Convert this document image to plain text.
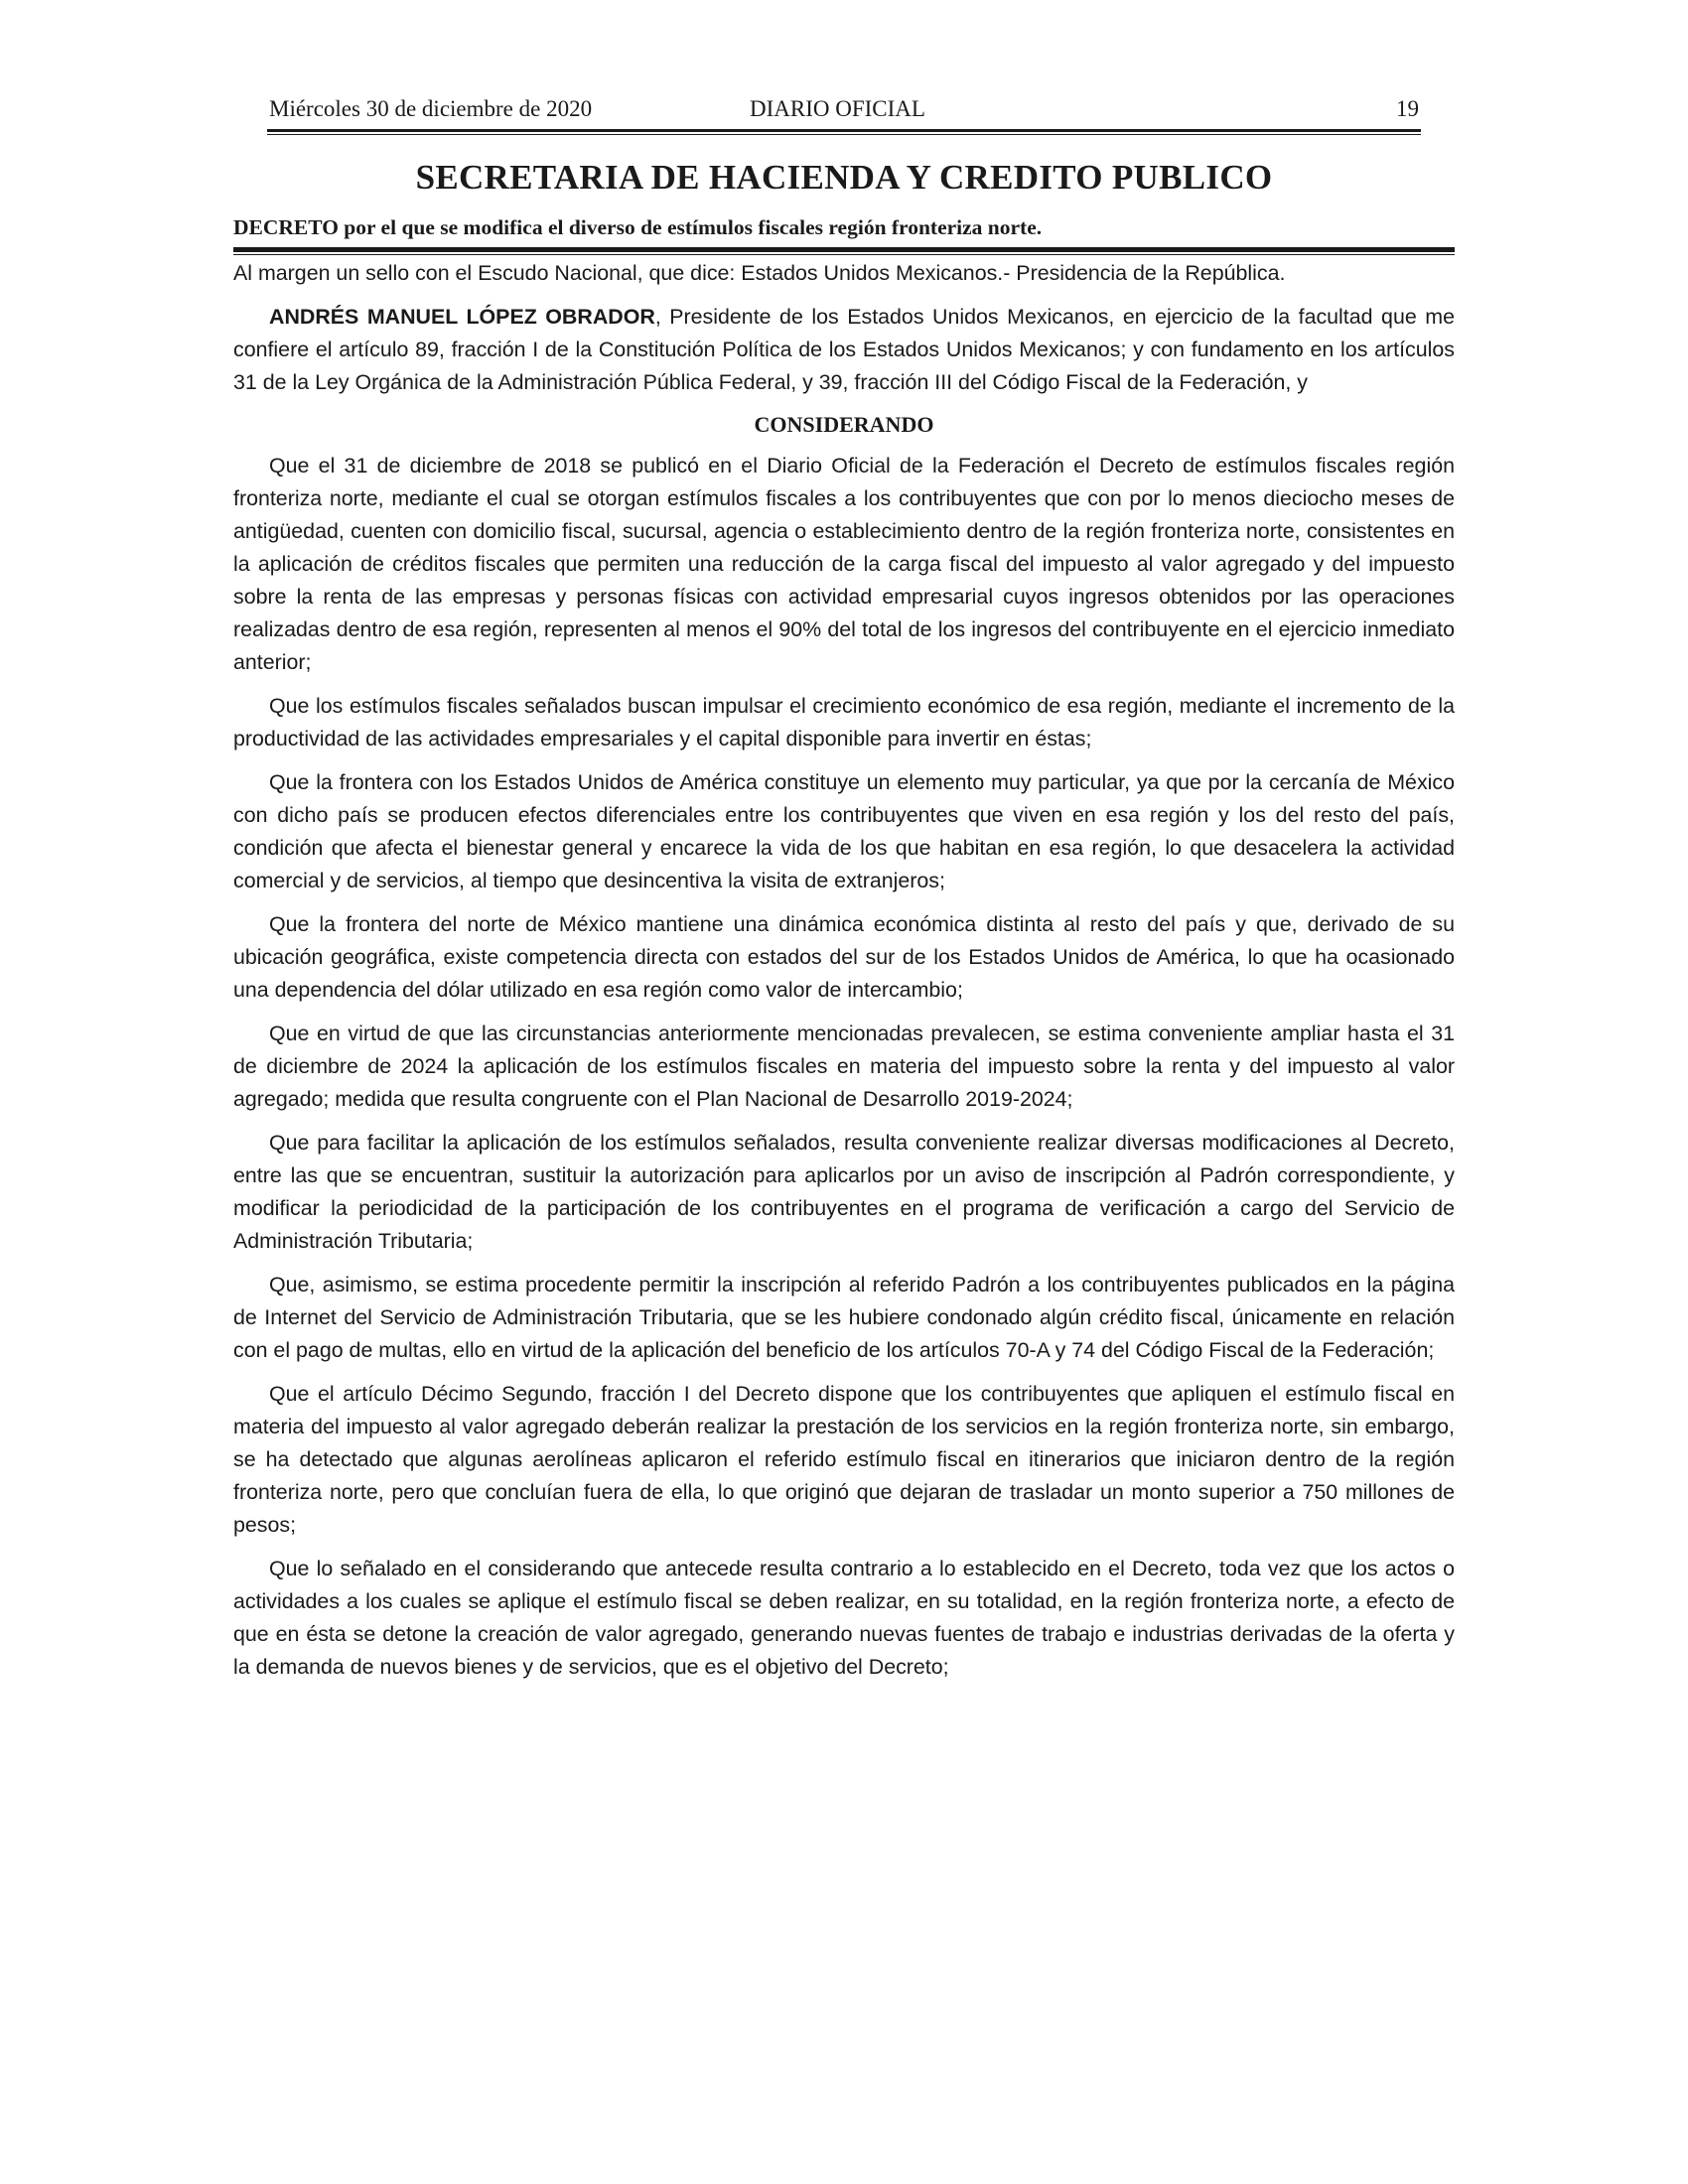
Miércoles 30 de diciembre de 2020	DIARIO OFICIAL	19
SECRETARIA DE HACIENDA Y CREDITO PUBLICO
DECRETO por el que se modifica el diverso de estímulos fiscales región fronteriza norte.

Al margen un sello con el Escudo Nacional, que dice: Estados Unidos Mexicanos.- Presidencia de la República.

ANDRÉS MANUEL LÓPEZ OBRADOR, Presidente de los Estados Unidos Mexicanos, en ejercicio de la facultad que me confiere el artículo 89, fracción I de la Constitución Política de los Estados Unidos Mexicanos; y con fundamento en los artículos 31 de la Ley Orgánica de la Administración Pública Federal, y 39, fracción III del Código Fiscal de la Federación, y

CONSIDERANDO

Que el 31 de diciembre de 2018 se publicó en el Diario Oficial de la Federación el Decreto de estímulos fiscales región fronteriza norte, mediante el cual se otorgan estímulos fiscales a los contribuyentes que con por lo menos dieciocho meses de antigüedad, cuenten con domicilio fiscal, sucursal, agencia o establecimiento dentro de la región fronteriza norte, consistentes en la aplicación de créditos fiscales que permiten una reducción de la carga fiscal del impuesto al valor agregado y del impuesto sobre la renta de las empresas y personas físicas con actividad empresarial cuyos ingresos obtenidos por las operaciones realizadas dentro de esa región, representen al menos el 90% del total de los ingresos del contribuyente en el ejercicio inmediato anterior;

Que los estímulos fiscales señalados buscan impulsar el crecimiento económico de esa región, mediante el incremento de la productividad de las actividades empresariales y el capital disponible para invertir en éstas;

Que la frontera con los Estados Unidos de América constituye un elemento muy particular, ya que por la cercanía de México con dicho país se producen efectos diferenciales entre los contribuyentes que viven en esa región y los del resto del país, condición que afecta el bienestar general y encarece la vida de los que habitan en esa región, lo que desacelera la actividad comercial y de servicios, al tiempo que desincentiva la visita de extranjeros;

Que la frontera del norte de México mantiene una dinámica económica distinta al resto del país y que, derivado de su ubicación geográfica, existe competencia directa con estados del sur de los Estados Unidos de América, lo que ha ocasionado una dependencia del dólar utilizado en esa región como valor de intercambio;

Que en virtud de que las circunstancias anteriormente mencionadas prevalecen, se estima conveniente ampliar hasta el 31 de diciembre de 2024 la aplicación de los estímulos fiscales en materia del impuesto sobre la renta y del impuesto al valor agregado; medida que resulta congruente con el Plan Nacional de Desarrollo 2019-2024;

Que para facilitar la aplicación de los estímulos señalados, resulta conveniente realizar diversas modificaciones al Decreto, entre las que se encuentran, sustituir la autorización para aplicarlos por un aviso de inscripción al Padrón correspondiente, y modificar la periodicidad de la participación de los contribuyentes en el programa de verificación a cargo del Servicio de Administración Tributaria;

Que, asimismo, se estima procedente permitir la inscripción al referido Padrón a los contribuyentes publicados en la página de Internet del Servicio de Administración Tributaria, que se les hubiere condonado algún crédito fiscal, únicamente en relación con el pago de multas, ello en virtud de la aplicación del beneficio de los artículos 70-A y 74 del Código Fiscal de la Federación;

Que el artículo Décimo Segundo, fracción I del Decreto dispone que los contribuyentes que apliquen el estímulo fiscal en materia del impuesto al valor agregado deberán realizar la prestación de los servicios en la región fronteriza norte, sin embargo, se ha detectado que algunas aerolíneas aplicaron el referido estímulo fiscal en itinerarios que iniciaron dentro de la región fronteriza norte, pero que concluían fuera de ella, lo que originó que dejaran de trasladar un monto superior a 750 millones de pesos;

Que lo señalado en el considerando que antecede resulta contrario a lo establecido en el Decreto, toda vez que los actos o actividades a los cuales se aplique el estímulo fiscal se deben realizar, en su totalidad, en la región fronteriza norte, a efecto de que en ésta se detone la creación de valor agregado, generando nuevas fuentes de trabajo e industrias derivadas de la oferta y la demanda de nuevos bienes y de servicios, que es el objetivo del Decreto;
